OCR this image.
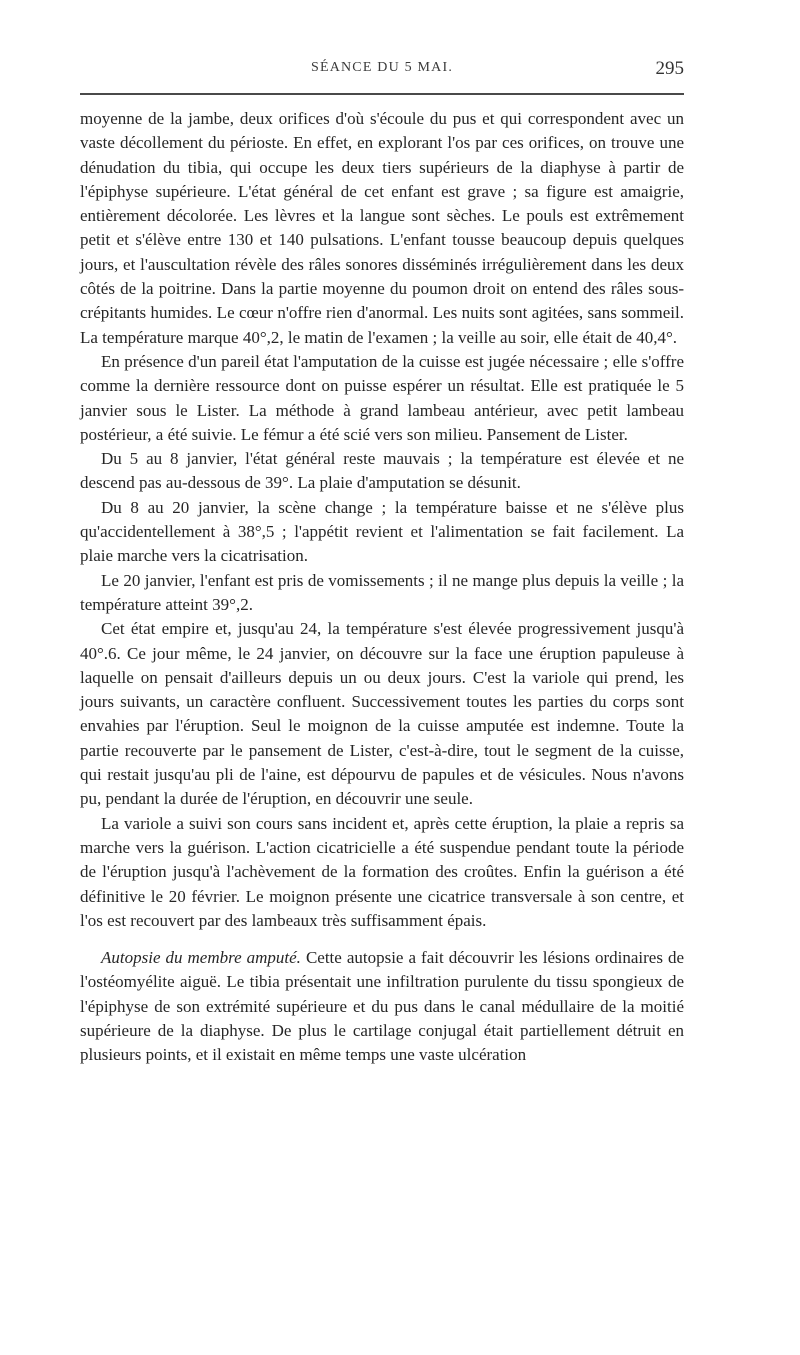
SÉANCE DU 5 MAI.	295

moyenne de la jambe, deux orifices d'où s'écoule du pus et qui correspondent avec un vaste décollement du périoste. En effet, en explorant l'os par ces orifices, on trouve une dénudation du tibia, qui occupe les deux tiers supérieurs de la diaphyse à partir de l'épiphyse supérieure. L'état général de cet enfant est grave ; sa figure est amaigrie, entièrement décolorée. Les lèvres et la langue sont sèches. Le pouls est extrêmement petit et s'élève entre 130 et 140 pulsations. L'enfant tousse beaucoup depuis quelques jours, et l'auscultation révèle des râles sonores disséminés irrégulièrement dans les deux côtés de la poitrine. Dans la partie moyenne du poumon droit on entend des râles sous-crépitants humides. Le cœur n'offre rien d'anormal. Les nuits sont agitées, sans sommeil. La température marque 40°,2, le matin de l'examen ; la veille au soir, elle était de 40,4°.

En présence d'un pareil état l'amputation de la cuisse est jugée nécessaire ; elle s'offre comme la dernière ressource dont on puisse espérer un résultat. Elle est pratiquée le 5 janvier sous le Lister. La méthode à grand lambeau antérieur, avec petit lambeau postérieur, a été suivie. Le fémur a été scié vers son milieu. Pansement de Lister.

Du 5 au 8 janvier, l'état général reste mauvais ; la température est élevée et ne descend pas au-dessous de 39°. La plaie d'amputation se désunit.

Du 8 au 20 janvier, la scène change ; la température baisse et ne s'élève plus qu'accidentellement à 38°,5 ; l'appétit revient et l'alimentation se fait facilement. La plaie marche vers la cicatrisation.

Le 20 janvier, l'enfant est pris de vomissements ; il ne mange plus depuis la veille ; la température atteint 39°,2.

Cet état empire et, jusqu'au 24, la température s'est élevée progressivement jusqu'à 40°.6. Ce jour même, le 24 janvier, on découvre sur la face une éruption papuleuse à laquelle on pensait d'ailleurs depuis un ou deux jours. C'est la variole qui prend, les jours suivants, un caractère confluent. Successivement toutes les parties du corps sont envahies par l'éruption. Seul le moignon de la cuisse amputée est indemne. Toute la partie recouverte par le pansement de Lister, c'est-à-dire, tout le segment de la cuisse, qui restait jusqu'au pli de l'aine, est dépourvu de papules et de vésicules. Nous n'avons pu, pendant la durée de l'éruption, en découvrir une seule.

La variole a suivi son cours sans incident et, après cette éruption, la plaie a repris sa marche vers la guérison. L'action cicatricielle a été suspendue pendant toute la période de l'éruption jusqu'à l'achèvement de la formation des croûtes. Enfin la guérison a été définitive le 20 février. Le moignon présente une cicatrice transversale à son centre, et l'os est recouvert par des lambeaux très suffisamment épais.

Autopsie du membre amputé. Cette autopsie a fait découvrir les lésions ordinaires de l'ostéomyélite aiguë. Le tibia présentait une infiltration purulente du tissu spongieux de l'épiphyse de son extrémité supérieure et du pus dans le canal médullaire de la moitié supérieure de la diaphyse. De plus le cartilage conjugal était partiellement détruit en plusieurs points, et il existait en même temps une vaste ulcération
